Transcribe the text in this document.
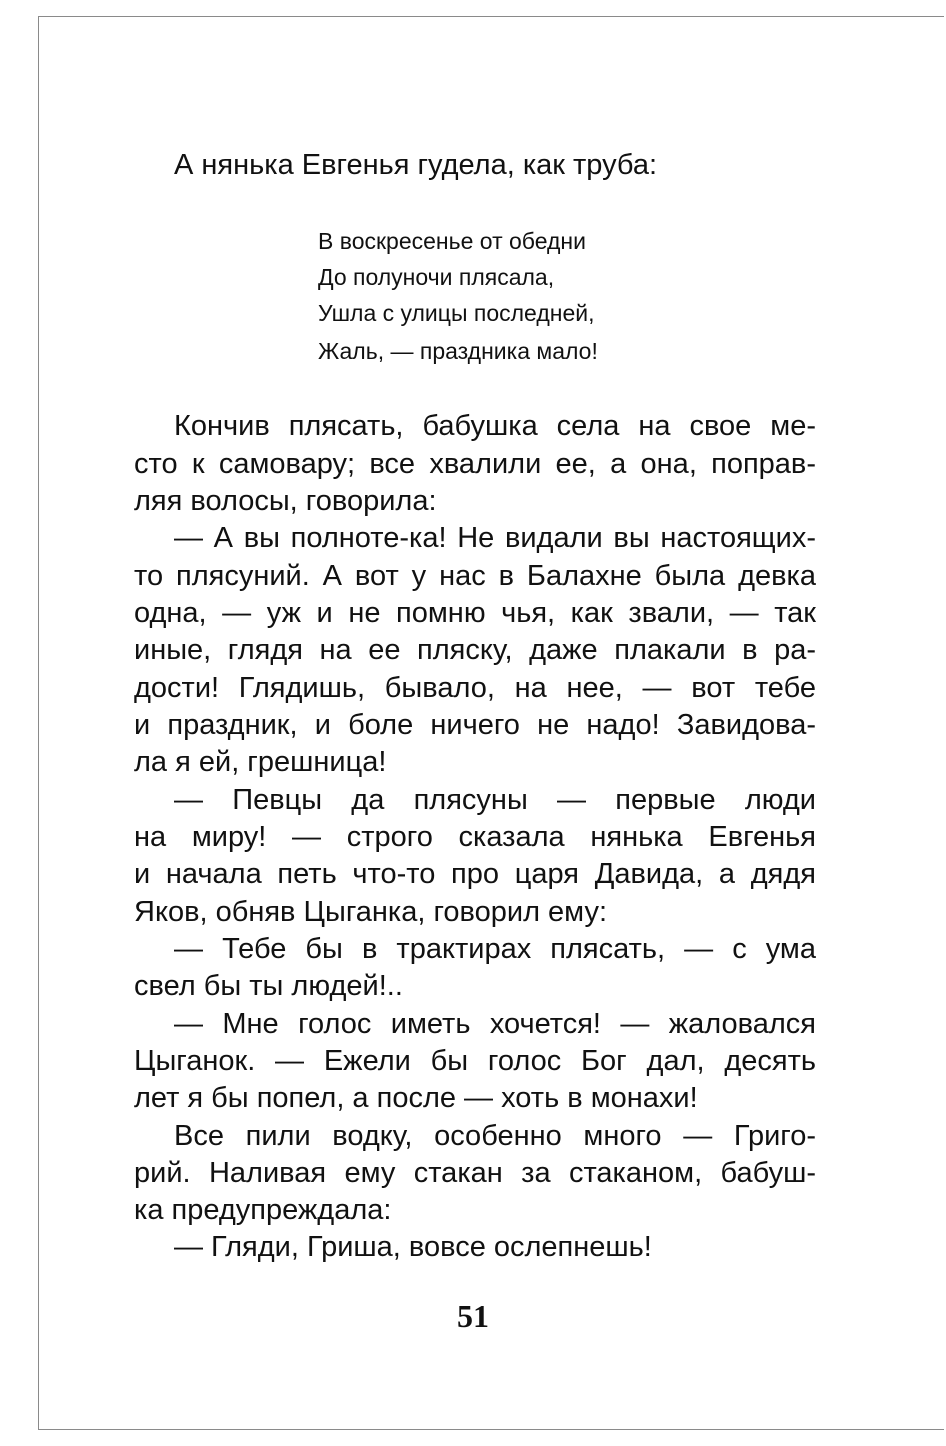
А нянька Евгенья гудела, как труба:

В воскресенье от обедни

До полуночи плясала,

Ушла с улицы последней,

Жаль, — праздника мало!

Кончив плясать, бабушка села на свое ме-

сто к самовару; все хвалили ее, а она, поправ-

ляя волосы, говорила:

— А вы полноте-ка! Не видали вы настоящих-

то плясуний. А вот у нас в Балахне была девка

одна, — уж и не помню чья, как звали, — так

иные, глядя на ее пляску, даже плакали в ра-

дости! Глядишь, бывало, на нее, — вот тебе

и праздник, и боле ничего не надо! Завидова-

ла я ей, грешница!

— Певцы да плясуны — первые люди

на миру! — строго сказала нянька Евгенья

и начала петь что-то про царя Давида, а дядя

Яков, обняв Цыганка, говорил ему:

— Тебе бы в трактирах плясать, — с ума

свел бы ты людей!..

— Мне голос иметь хочется! — жаловался

Цыганок. — Ежели бы голос Бог дал, десять

лет я бы попел, а после — хоть в монахи!

Все пили водку, особенно много — Григо-

рий. Наливая ему стакан за стаканом, бабуш-

ка предупреждала:

— Гляди, Гриша, вовсе ослепнешь!

51
